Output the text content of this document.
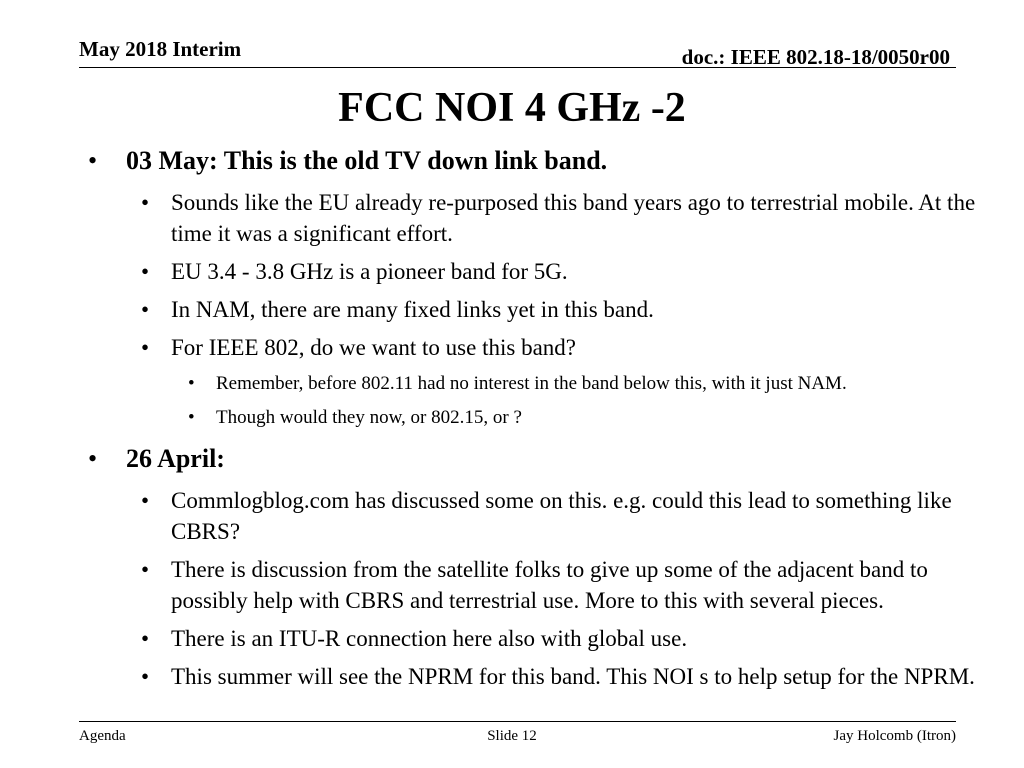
May 2018 Interim	doc.: IEEE 802.18-18/0050r00
FCC NOI 4 GHz -2
• 03 May: This is the old TV down link band.
• Sounds like the EU already re-purposed this band years ago to terrestrial mobile. At the time it was a significant effort.
• EU 3.4 - 3.8 GHz is a pioneer band for 5G.
• In NAM, there are many fixed links yet in this band.
• For IEEE 802, do we want to use this band?
• Remember, before 802.11 had no interest in the band below this, with it just NAM.
• Though would they now, or 802.15, or ?
• 26 April:
• Commlogblog.com has discussed some on this. e.g. could this lead to something like CBRS?
• There is discussion from the satellite folks to give up some of the adjacent band to possibly help with CBRS and terrestrial use. More to this with several pieces.
• There is an ITU-R connection here also with global use.
• This summer will see the NPRM for this band. This NOI s to help setup for the NPRM.
Agenda	Slide 12	Jay Holcomb (Itron)
